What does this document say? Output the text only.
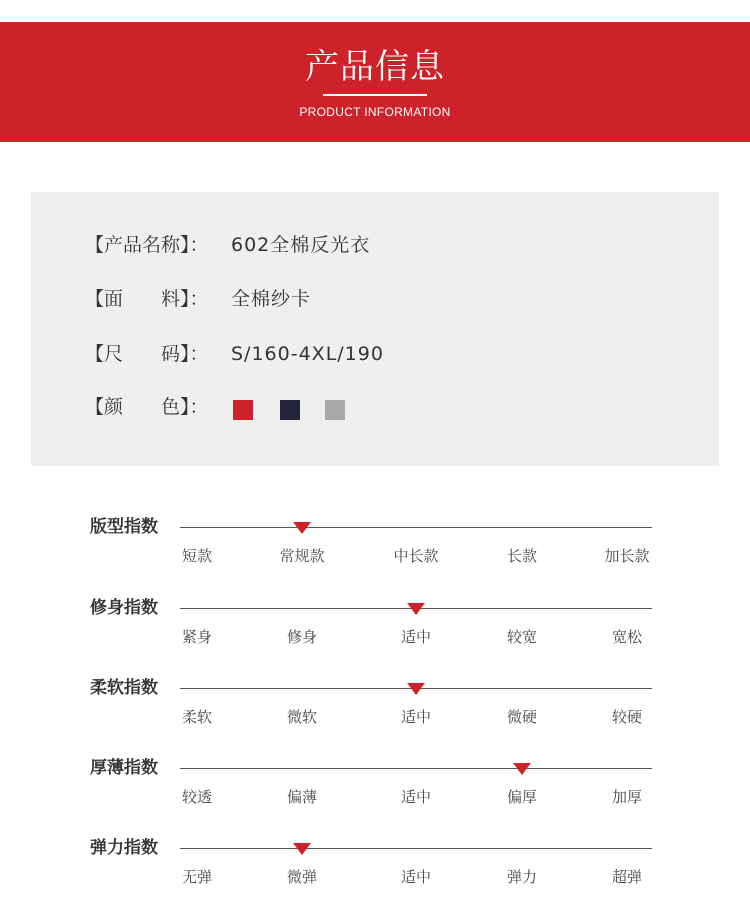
产品信息
PRODUCT INFORMATION
【产品名称】： 602全棉反光衣
【面　　料】： 全棉纱卡
【尺　　码】： S/160-4XL/190
【颜　　色】：
版型指数
短款	常规款	中长款	长款	加长款
修身指数
紧身	修身	适中	较宽	宽松
柔软指数
柔软	微软	适中	微硬	较硬
厚薄指数
较透	偏薄	适中	偏厚	加厚
弹力指数
无弹	微弹	适中	弹力	超弹
